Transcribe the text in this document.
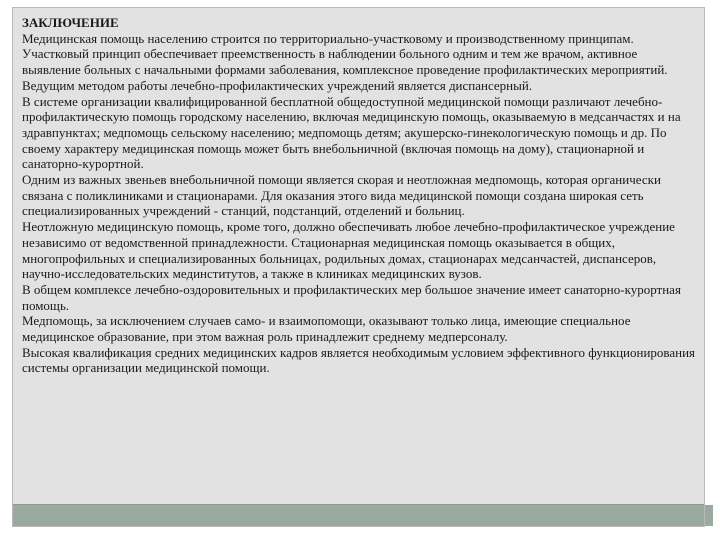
ЗАКЛЮЧЕНИЕ

Медицинская помощь населению строится по территориально-участковому и производственному принципам.

Участковый принцип обеспечивает преемственность в наблюдении больного одним и тем же врачом, активное выявление больных с начальными формами заболевания, комплексное проведение профилактических мероприятий. Ведущим методом работы лечебно-профилактических учреждений является диспансерный.

В системе организации квалифицированной бесплатной общедоступной медицинской помощи различают лечебно-профилактическую помощь городскому населению, включая медицинскую помощь, оказываемую в медсанчастях и на здравпунктах; медпомощь сельскому населению; медпомощь детям; акушерско-гинекологическую помощь и др. По своему характеру медицинская помощь может быть внебольничной (включая помощь на дому), стационарной и санаторно-курортной.

Одним из важных звеньев внебольничной помощи является скорая и неотложная медпомощь, которая органически связана с поликлиниками и стационарами. Для оказания этого вида медицинской помощи создана широкая сеть специализированных учреждений - станций, подстанций, отделений и больниц.

Неотложную медицинскую помощь, кроме того, должно обеспечивать любое лечебно-профилактическое учреждение независимо от ведомственной принадлежности. Стационарная медицинская помощь оказывается в общих, многопрофильных и специализированных больницах, родильных домах, стационарах медсанчастей, диспансеров, научно-исследовательских мединститутов, а также в клиниках медицинских вузов.

В общем комплексе лечебно-оздоровительных и профилактических мер большое значение имеет санаторно-курортная помощь.

Медпомощь, за исключением случаев само- и взаимопомощи, оказывают только лица, имеющие специальное медицинское образование, при этом важная роль принадлежит среднему медперсоналу.

Высокая квалификация средних медицинских кадров является необходимым условием эффективного функционирования системы организации медицинской помощи.
